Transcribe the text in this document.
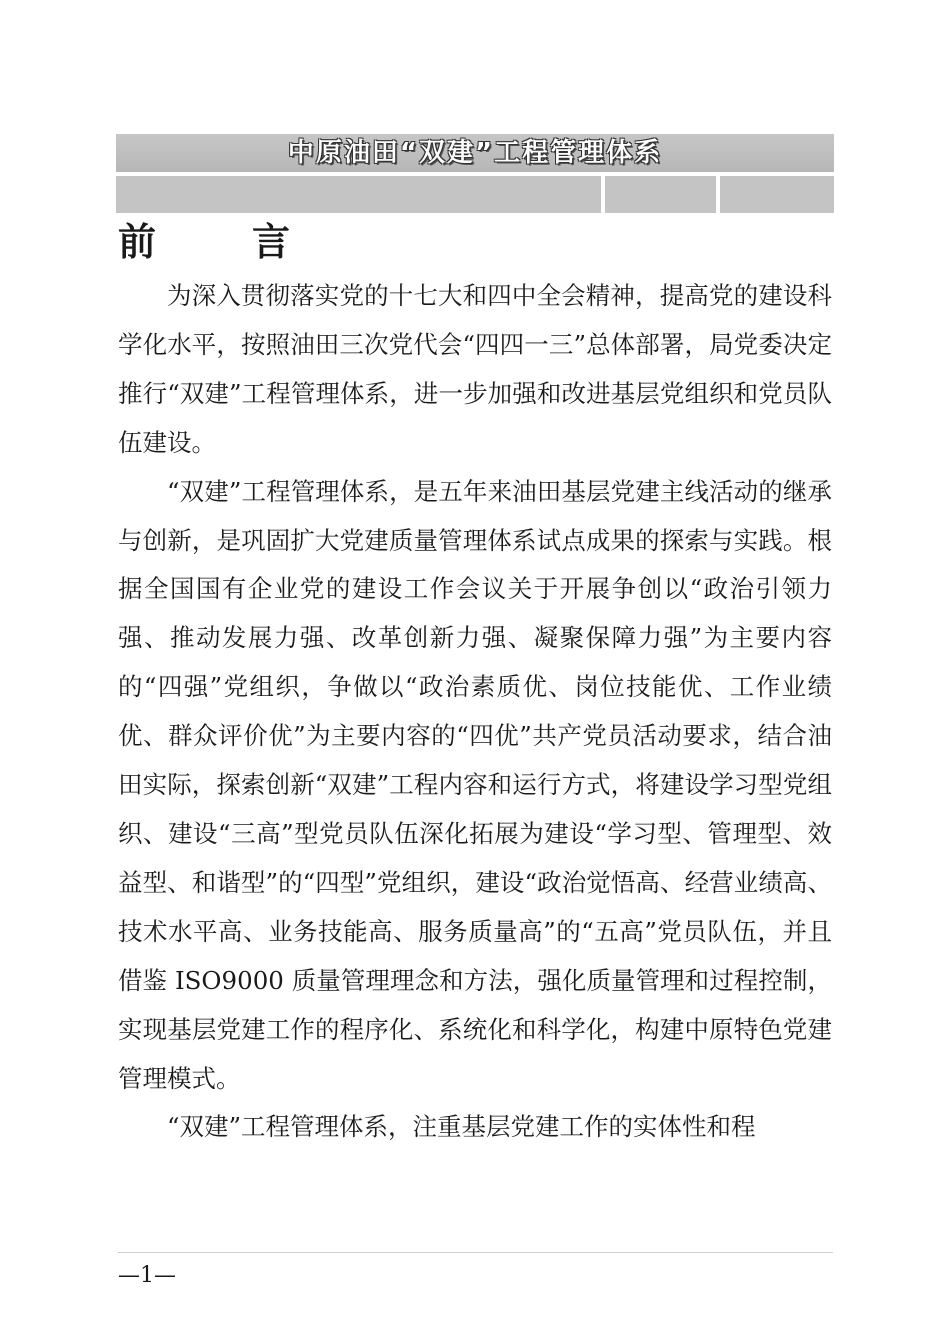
中原油田“双建”工程管理体系
前	言

为深入贯彻落实党的十七大和四中全会精神，提高党的建设科学化水平，按照油田三次党代会“四四一三”总体部署，局党委决定推行“双建”工程管理体系，进一步加强和改进基层党组织和党员队伍建设。

“双建”工程管理体系，是五年来油田基层党建主线活动的继承与创新，是巩固扩大党建质量管理体系试点成果的探索与实践。根据全国国有企业党的建设工作会议关于开展争创以“政治引领力强、推动发展力强、改革创新力强、凝聚保障力强”为主要内容的“四强”党组织，争做以“政治素质优、岗位技能优、工作业绩优、群众评价优”为主要内容的“四优”共产党员活动要求，结合油田实际，探索创新“双建”工程内容和运行方式，将建设学习型党组织、建设“三高”型党员队伍深化拓展为建设“学习型、管理型、效益型、和谐型”的“四型”党组织，建设“政治觉悟高、经营业绩高、技术水平高、业务技能高、服务质量高”的“五高”党员队伍，并且借鉴 ISO9000 质量管理理念和方法，强化质量管理和过程控制，实现基层党建工作的程序化、系统化和科学化，构建中原特色党建管理模式。

“双建”工程管理体系，注重基层党建工作的实体性和程

—1—
